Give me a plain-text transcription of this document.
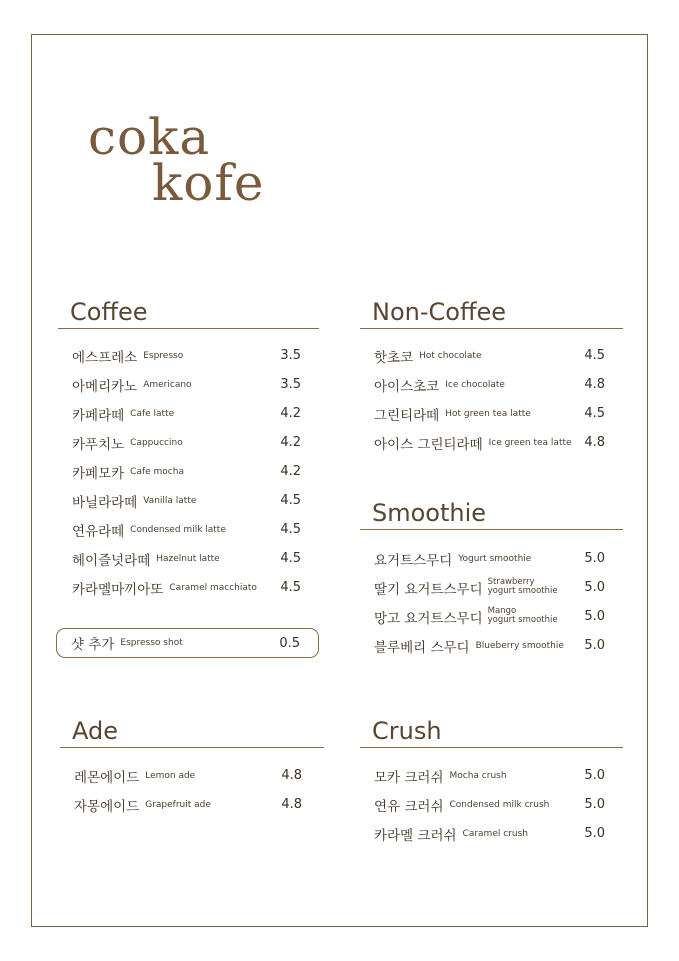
coka
kofe
Coffee
에스프레소 Espresso	3.5
아메리카노 Americano	3.5
카페라떼 Cafe latte	4.2
카푸치노 Cappuccino	4.2
카페모카 Cafe mocha	4.2
바닐라라떼 Vanilla latte	4.5
연유라떼 Condensed milk latte	4.5
헤이즐넛라떼 Hazelnut latte	4.5
카라멜마끼아또 Caramel macchiato 4.5
샷 추가 Espresso shot	0.5
Non-Coffee
핫초코 Hot chocolate	4.5
아이스초코 Ice chocolate	4.8
그린티라떼 Hot green tea latte	4.5
아이스 그린티라떼 Ice green tea latte 4.8
Smoothie
요거트스무디 Yogurt smoothie	5.0
딸기 요거트스무디 Strawberry
yogurt smoothie 5.0
망고 요거트스무디 Mango
yogurt smoothie 5.0
블루베리 스무디 Blueberry smoothie 5.0
Ade
레몬에이드 Lemon ade	4.8
자몽에이드 Grapefruit ade	4.8
Crush
모카 크러쉬 Mocha crush	5.0
연유 크러쉬 Condensed milk crush	5.0
카라멜 크러쉬 Caramel crush	5.0
